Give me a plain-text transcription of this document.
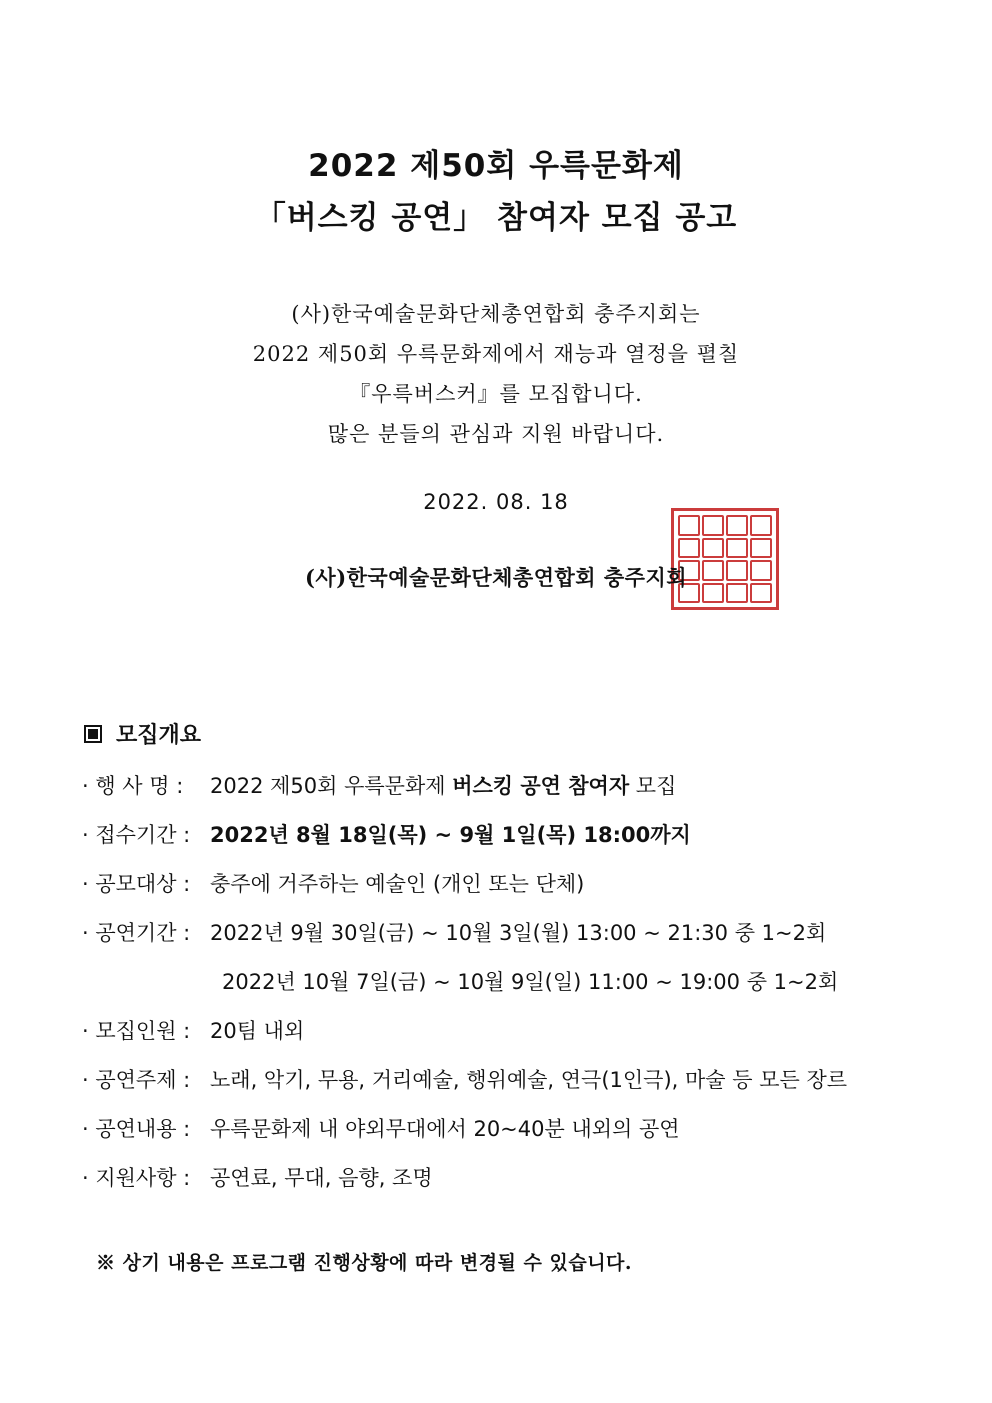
2022 제50회 우륵문화제
「버스킹 공연」 참여자 모집 공고
(사)한국예술문화단체총연합회 충주지회는
2022 제50회 우륵문화제에서 재능과 열정을 펼칠
『우륵버스커』를 모집합니다.
많은 분들의 관심과 지원 바랍니다.
2022. 08. 18
(사)한국예술문화단체총연합회 충주지회
모집개요
· 행 사 명 :	2022 제50회 우륵문화제 버스킹 공연 참여자 모집
· 접수기간 : 2022년 8월 18일(목) ~ 9월 1일(목) 18:00까지
· 공모대상 : 충주에 거주하는 예술인 (개인 또는 단체)
· 공연기간 : 2022년 9월 30일(금) ~ 10월 3일(월) 13:00 ~ 21:30 중 1~2회
2022년 10월 7일(금) ~ 10월 9일(일) 11:00 ~ 19:00 중 1~2회
· 모집인원 : 20팀 내외
· 공연주제 : 노래, 악기, 무용, 거리예술, 행위예술, 연극(1인극), 마술 등 모든 장르
· 공연내용 : 우륵문화제 내 야외무대에서 20~40분 내외의 공연
· 지원사항 : 공연료, 무대, 음향, 조명
※ 상기 내용은 프로그램 진행상황에 따라 변경될 수 있습니다.
